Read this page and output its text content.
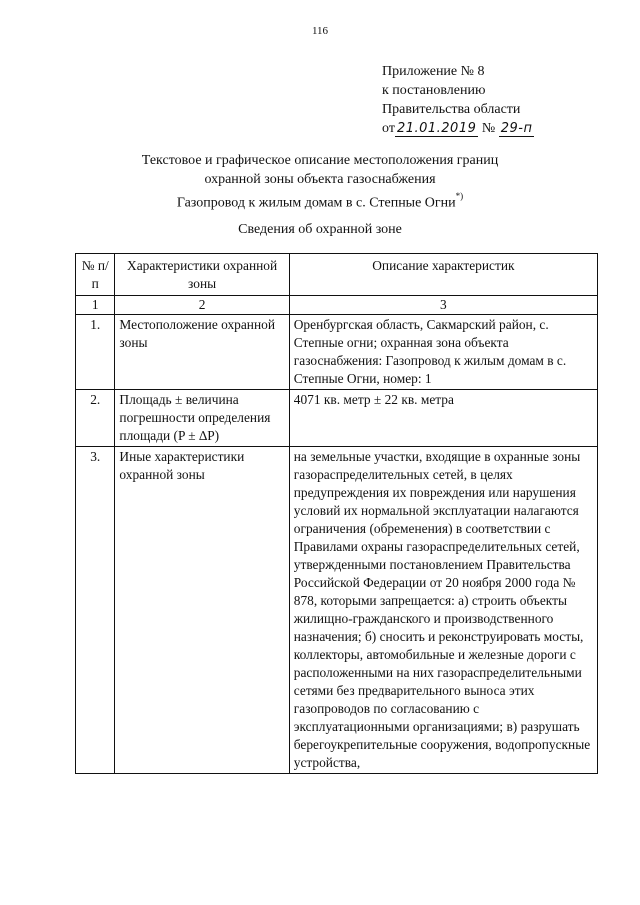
116
Приложение № 8
к постановлению
Правительства области
от 21.01.2019 № 29-п
Текстовое и графическое описание местоположения границ
охранной зоны объекта газоснабжения
Газопровод к жилым домам в с. Степные Огни*)
Сведения об охранной зоне
№ п/п	Характеристики охранной зоны	Описание характеристик
1	2	3
1.	Местоположение охранной зоны	Оренбургская область, Сакмарский район, с. Степные огни; охранная зона объекта газоснабжения: Газопровод к жилым домам в с. Степные Огни, номер: 1
2.	Площадь ± величина погрешности определения площади (P ± ∆P)	4071 кв. метр ± 22 кв. метра
3.	Иные характеристики охранной зоны	на земельные участки, входящие в охранные зоны газораспределительных сетей, в целях предупреждения их повреждения или нарушения условий их нормальной эксплуатации налагаются ограничения (обременения) в соответствии с Правилами охраны газораспределительных сетей, утвержденными постановлением Правительства Российской Федерации от 20 ноября 2000 года № 878, которыми запрещается: а) строить объекты жилищно-гражданского и производственного назначения; б) сносить и реконструировать мосты, коллекторы, автомобильные и железные дороги с расположенными на них газораспределительными сетями без предварительного выноса этих газопроводов по согласованию с эксплуатационными организациями; в) разрушать берегоукрепительные сооружения, водопропускные устройства,
